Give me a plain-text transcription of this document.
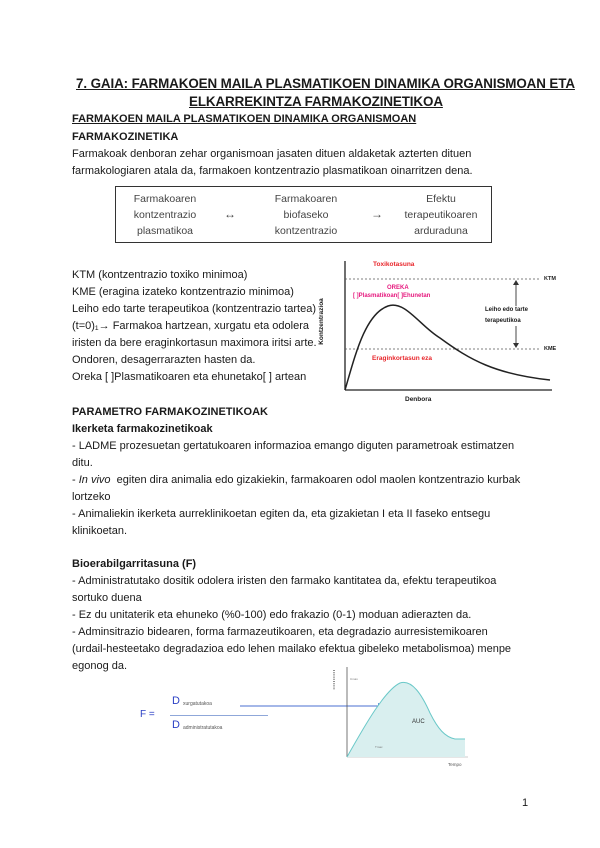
7. GAIA: FARMAKOEN MAILA PLASMATIKOEN DINAMIKA ORGANISMOAN ETA
ELKARREKINTZA FARMAKOZINETIKOA
FARMAKOEN MAILA PLASMATIKOEN DINAMIKA ORGANISMOAN
FARMAKOZINETIKA
Farmakoak denboran zehar organismoan jasaten dituen aldaketak azterten dituen
farmakologiaren atala da, farmakoen kontzentrazio plasmatikoan oinarritzen dena.
Farmakoaren
kontzentrazio
plasmatikoa
↔
Farmakoaren
biofaseko
kontzentrazio
→
Efektu
terapeutikoaren
arduraduna
KTM (kontzentrazio toxiko minimoa)
KME (eragina izateko kontzentrazio minimoa)
Leiho edo tarte terapeutikoa (kontzentrazio tartea)
(t=0)₁→ Farmakoa hartzean, xurgatu eta odolera
iristen da bere eraginkortasun maximora iritsi arte.
Ondoren, desagerrarazten hasten da.
Oreka [ ]Plasmatikoaren eta ehunetako[ ] artean
Toxikotasuna
OREKA
[ ]Plasmatikoan[ ]Ehunetan
Eraginkortasun eza
Leiho edo tarte terapeutikoa
KTM
KME
Denbora
Kontzentrazioa
PARAMETRO FARMAKOZINETIKOAK
Ikerketa farmakozinetikoak
- LADME prozesuetan gertatukoaren informazioa emango diguten parametroak estimatzen
ditu.
- In vivo  egiten dira animalia edo gizakiekin, farmakoaren odol maolen kontzentrazio kurbak
lortzeko
- Animaliekin ikerketa aurreklinikoetan egiten da, eta gizakietan I eta II faseko entsegu
klinikoetan.
Bioerabilgarritasuna (F)
- Administratutako dositik odolera iristen den farmako kantitatea da, efektu terapeutikoa
sortuko duena
- Ez du unitaterik eta ehuneko (%0-100) edo frakazio (0-1) moduan adierazten da.
- Adminsitrazio bidearen, forma farmazeutikoaren, eta degradazio aurresistemikoaren
(urdail-hesteetako degradazioa edo lehen mailako efektua gibeleko metabolismoa) menpe
egonog da.
F =
D xurgatutakoa
D administratutakoa
AUC
Cmax
Tmax
Tempo
1
